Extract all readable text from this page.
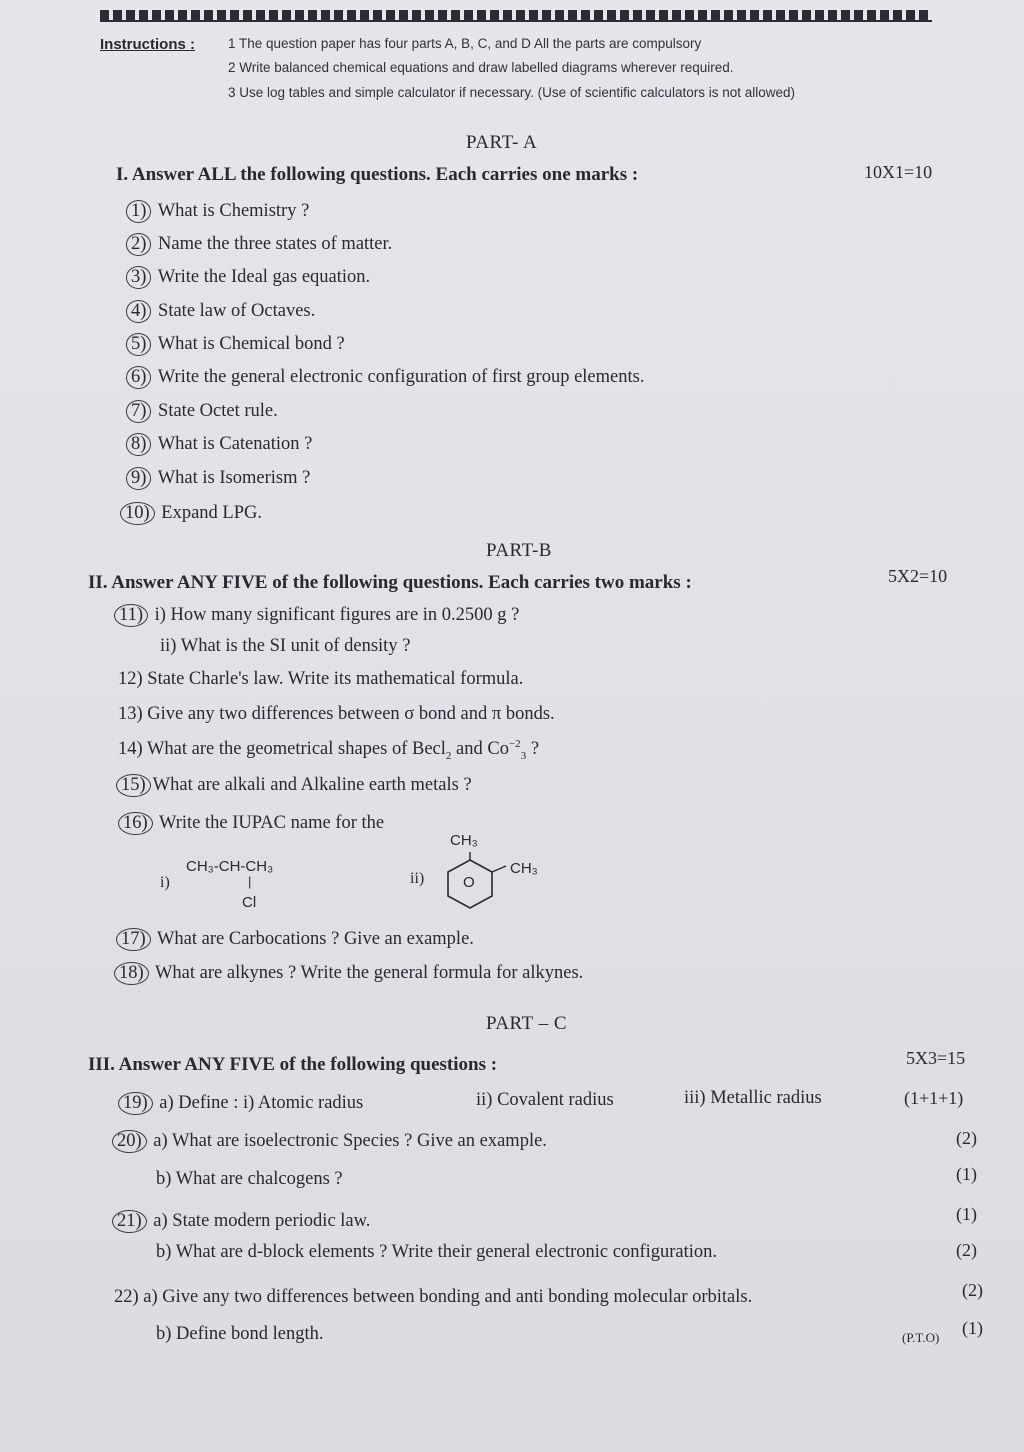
Instructions : 1 The question paper has four parts A, B, C, and D All the parts are compulsory
2 Write balanced chemical equations and draw labelled diagrams wherever required.
3 Use log tables and simple calculator if necessary. (Use of scientific calculators is not allowed)
PART- A
I. Answer ALL the following questions. Each carries one marks :	10X1=10
1) What is Chemistry ?
2) Name the three states of matter.
3) Write the Ideal gas equation.
4) State law of Octaves.
5) What is Chemical bond ?
6) Write the general electronic configuration of first group elements.
7) State Octet rule.
8) What is Catenation ?
9) What is Isomerism ?
10) Expand LPG.
PART-B
II. Answer ANY FIVE of the following questions. Each carries two marks :	5X2=10
11) i) How many significant figures are in 0.2500 g ?
ii) What is the SI unit of density ?
12) State Charle's law. Write its mathematical formula.
13) Give any two differences between σ bond and π bonds.
14) What are the geometrical shapes of Becl$_2$ and $Co^{-2}_3$ ?
15) What are alkali and Alkaline earth metals ?
16) Write the IUPAC name for the
i)
CH₃-CH-CH₃
|
Cl
ii)
CH₃
CH₃
O
17) What are Carbocations ? Give an example.
18) What are alkynes ? Write the general formula for alkynes.
PART – C
III. Answer ANY FIVE of the following questions :	5X3=15
19) a) Define : i) Atomic radius	ii) Covalent radius	iii) Metallic radius	(1+1+1)
20) a) What are isoelectronic Species ? Give an example.	(2)
b) What are chalcogens ?	(1)
21) a) State modern periodic law.	(1)
b) What are d-block elements ? Write their general electronic configuration.	(2)
22) a) Give any two differences between bonding and anti bonding molecular orbitals.	(2)
b) Define bond length.	(P.T.O) (1)
